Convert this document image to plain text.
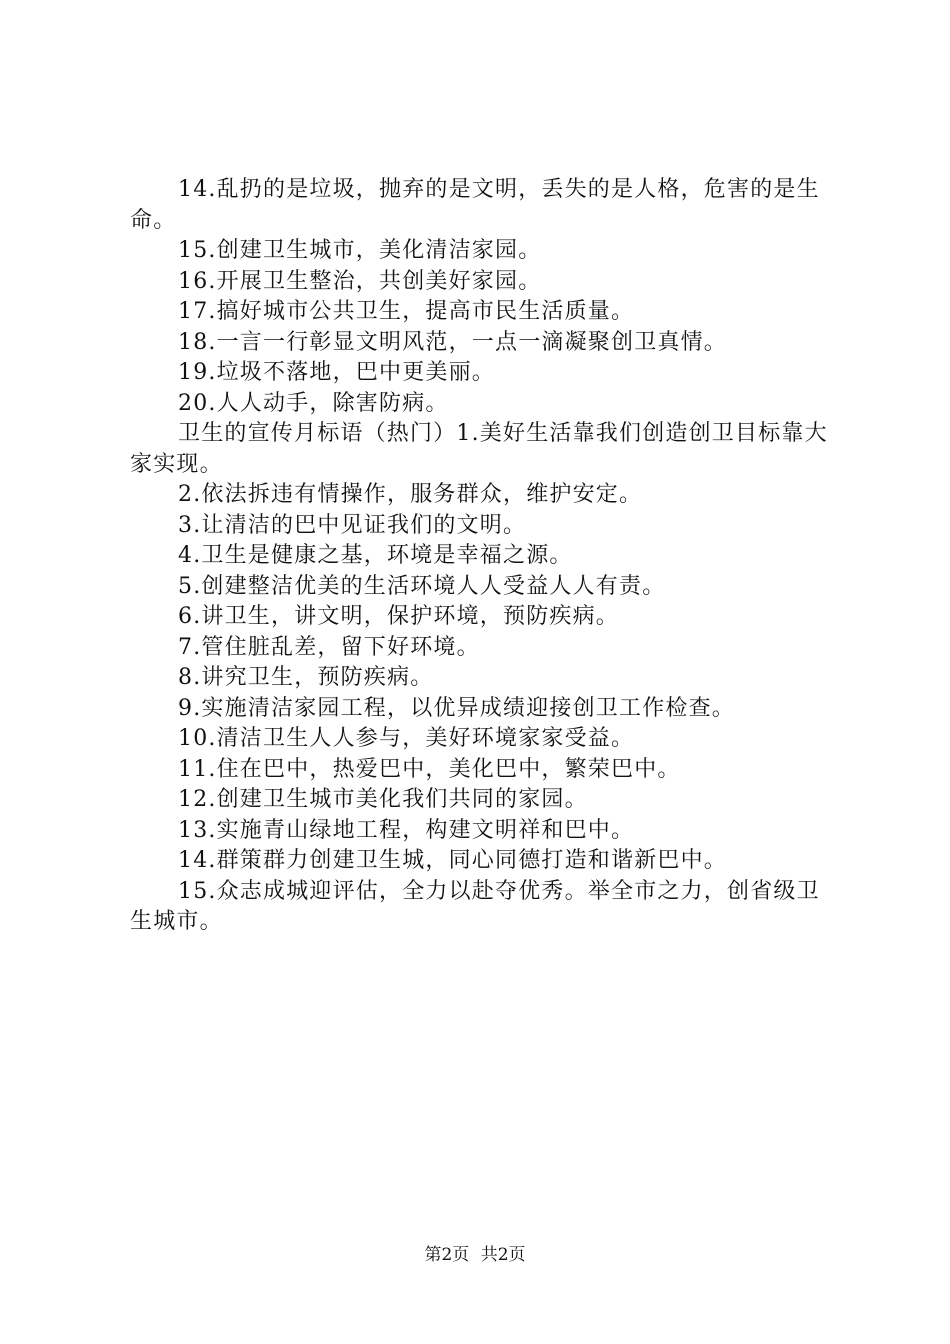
14.乱扔的是垃圾，抛弃的是文明，丢失的是人格，危害的是生命。

15.创建卫生城市，美化清洁家园。

16.开展卫生整治，共创美好家园。

17.搞好城市公共卫生，提高市民生活质量。

18.一言一行彰显文明风范，一点一滴凝聚创卫真情。

19.垃圾不落地，巴中更美丽。

20.人人动手，除害防病。

卫生的宣传月标语（热门）1.美好生活靠我们创造创卫目标靠大家实现。

2.依法拆违有情操作，服务群众，维护安定。

3.让清洁的巴中见证我们的文明。

4.卫生是健康之基，环境是幸福之源。

5.创建整洁优美的生活环境人人受益人人有责。

6.讲卫生，讲文明，保护环境，预防疾病。

7.管住脏乱差，留下好环境。

8.讲究卫生，预防疾病。

9.实施清洁家园工程，以优异成绩迎接创卫工作检查。

10.清洁卫生人人参与，美好环境家家受益。

11.住在巴中，热爱巴中，美化巴中，繁荣巴中。

12.创建卫生城市美化我们共同的家园。

13.实施青山绿地工程，构建文明祥和巴中。

14.群策群力创建卫生城，同心同德打造和谐新巴中。

15.众志成城迎评估，全力以赴夺优秀。举全市之力，创省级卫生城市。

第2页 共2页
